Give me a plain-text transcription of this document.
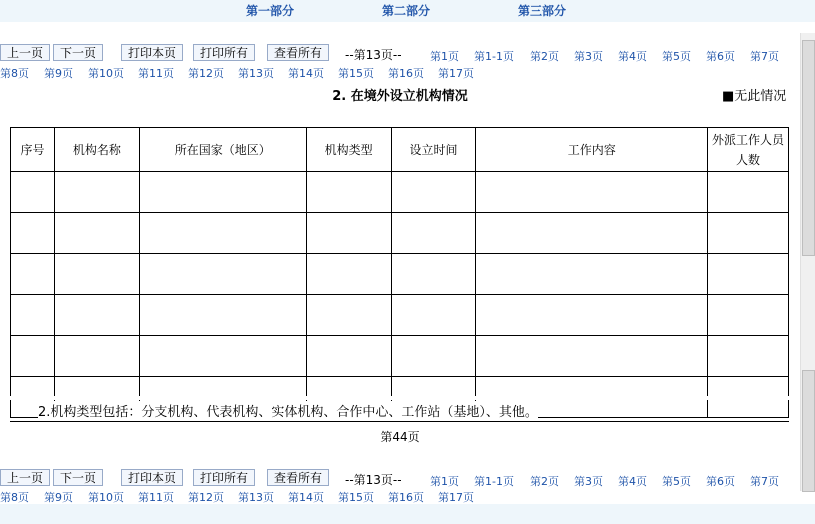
第一部分	第二部分	第三部分
上一页	下一页	打印本页	打印所有	查看所有	--第13页--	第1页 第1-1页 第2页 第3页 第4页 第5页 第6页 第7页
第8页 第9页 第10页 第11页 第12页 第13页 第14页 第15页 第16页 第17页
2. 在境外设立机构情况	■无此情况
序号	机构名称	所在国家（地区）	机构类型	设立时间	工作内容	外派工作人员人数

2.机构类型包括：分支机构、代表机构、实体机构、合作中心、工作站（基地）、其他。
第44页
上一页	下一页	打印本页	打印所有	查看所有	--第13页--	第1页 第1-1页 第2页 第3页 第4页 第5页 第6页 第7页
第8页 第9页 第10页 第11页 第12页 第13页 第14页 第15页 第16页 第17页
